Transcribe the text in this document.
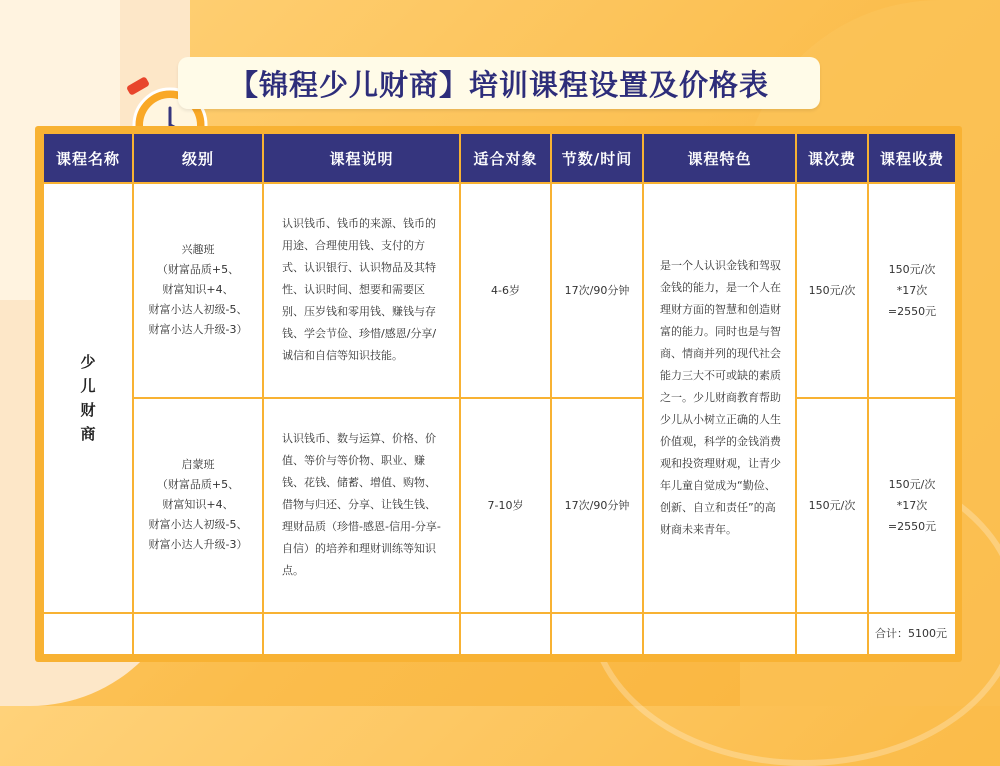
【锦程少儿财商】培训课程设置及价格表
课程名称	级别	课程说明	适合对象	节数/时间	课程特色	课次费	课程收费
少
儿
财
商	兴趣班
（财富品质+5、
财富知识+4、
财富小达人初级-5、
财富小达人升级-3）	认识钱币、钱币的来源、钱币的用途、合理使用钱、支付的方式、认识银行、认识物品及其特性、认识时间、想要和需要区别、压岁钱和零用钱、赚钱与存钱、学会节俭、珍惜/感恩/分享/诚信和自信等知识技能。	4-6岁	17次/90分钟	是一个人认识金钱和驾驭金钱的能力，是一个人在理财方面的智慧和创造财富的能力。同时也是与智商、情商并列的现代社会能力三大不可或缺的素质之一。少儿财商教育帮助少儿从小树立正确的人生价值观，科学的金钱消费观和投资理财观，让青少年儿童自觉成为“勤俭、创新、自立和责任”的高财商未来青年。	150元/次	150元/次
*17次
=2550元
	启蒙班
（财富品质+5、
财富知识+4、
财富小达人初级-5、
财富小达人升级-3）	认识钱币、数与运算、价格、价值、等价与等价物、职业、赚钱、花钱、储蓄、增值、购物、借物与归还、分享、让钱生钱、理财品质（珍惜-感恩-信用-分享-自信）的培养和理财训练等知识点。	7-10岁	17次/90分钟		150元/次	150元/次
*17次
=2550元
							合计：5100元
